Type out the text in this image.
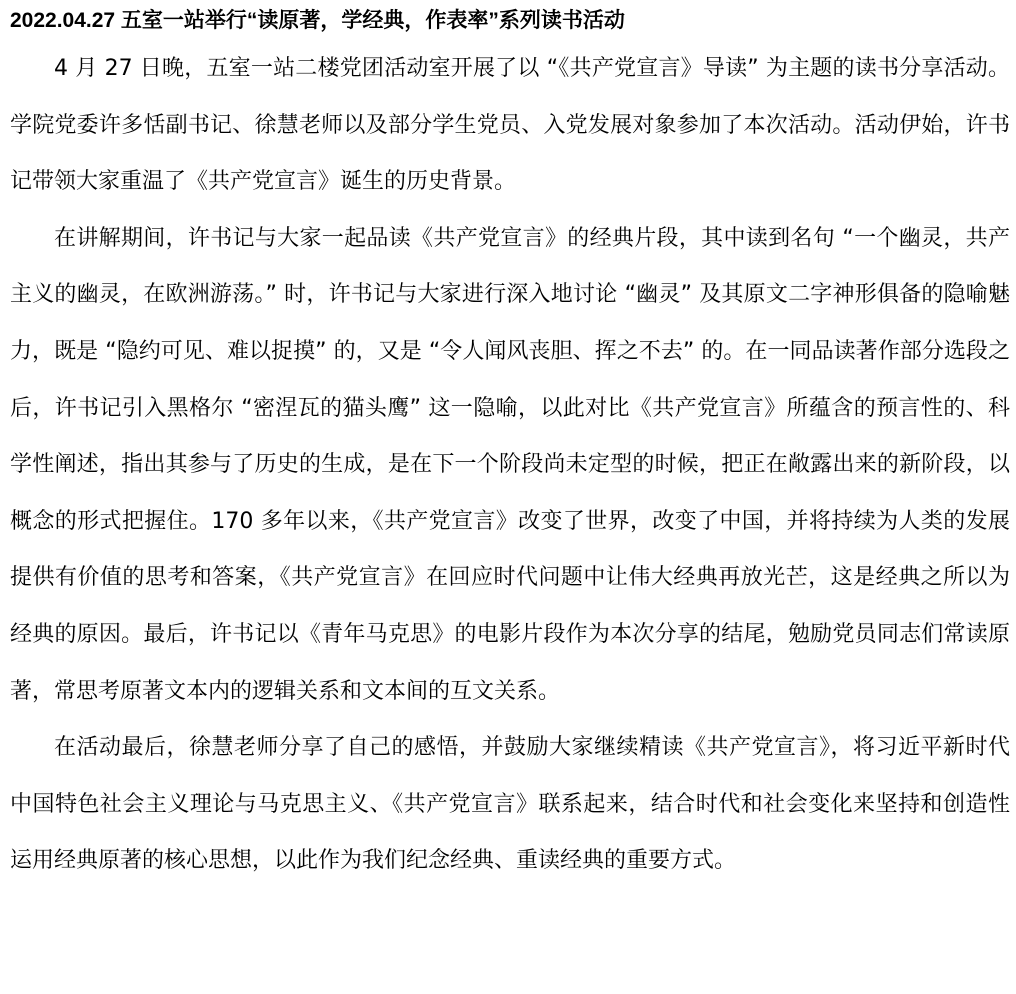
2022.04.27 五室一站举行“读原著，学经典，作表率”系列读书活动

4 月 27 日晚，五室一站二楼党团活动室开展了以 “《共产党宣言》导读” 为主题的读书分享活动。学院党委许多恬副书记、徐慧老师以及部分学生党员、入党发展对象参加了本次活动。活动伊始，许书记带领大家重温了《共产党宣言》诞生的历史背景。

在讲解期间，许书记与大家一起品读《共产党宣言》的经典片段，其中读到名句 “一个幽灵，共产主义的幽灵，在欧洲游荡。” 时，许书记与大家进行深入地讨论 “幽灵” 及其原文二字神形俱备的隐喻魅力，既是 “隐约可见、难以捉摸” 的，又是 “令人闻风丧胆、挥之不去” 的。在一同品读著作部分选段之后，许书记引入黑格尔 “密涅瓦的猫头鹰” 这一隐喻，以此对比《共产党宣言》所蕴含的预言性的、科学性阐述，指出其参与了历史的生成，是在下一个阶段尚未定型的时候，把正在敞露出来的新阶段，以概念的形式把握住。170 多年以来，《共产党宣言》改变了世界，改变了中国，并将持续为人类的发展提供有价值的思考和答案，《共产党宣言》在回应时代问题中让伟大经典再放光芒，这是经典之所以为经典的原因。最后，许书记以《青年马克思》的电影片段作为本次分享的结尾，勉励党员同志们常读原著，常思考原著文本内的逻辑关系和文本间的互文关系。

在活动最后，徐慧老师分享了自己的感悟，并鼓励大家继续精读《共产党宣言》，将习近平新时代中国特色社会主义理论与马克思主义、《共产党宣言》联系起来，结合时代和社会变化来坚持和创造性运用经典原著的核心思想，以此作为我们纪念经典、重读经典的重要方式。
